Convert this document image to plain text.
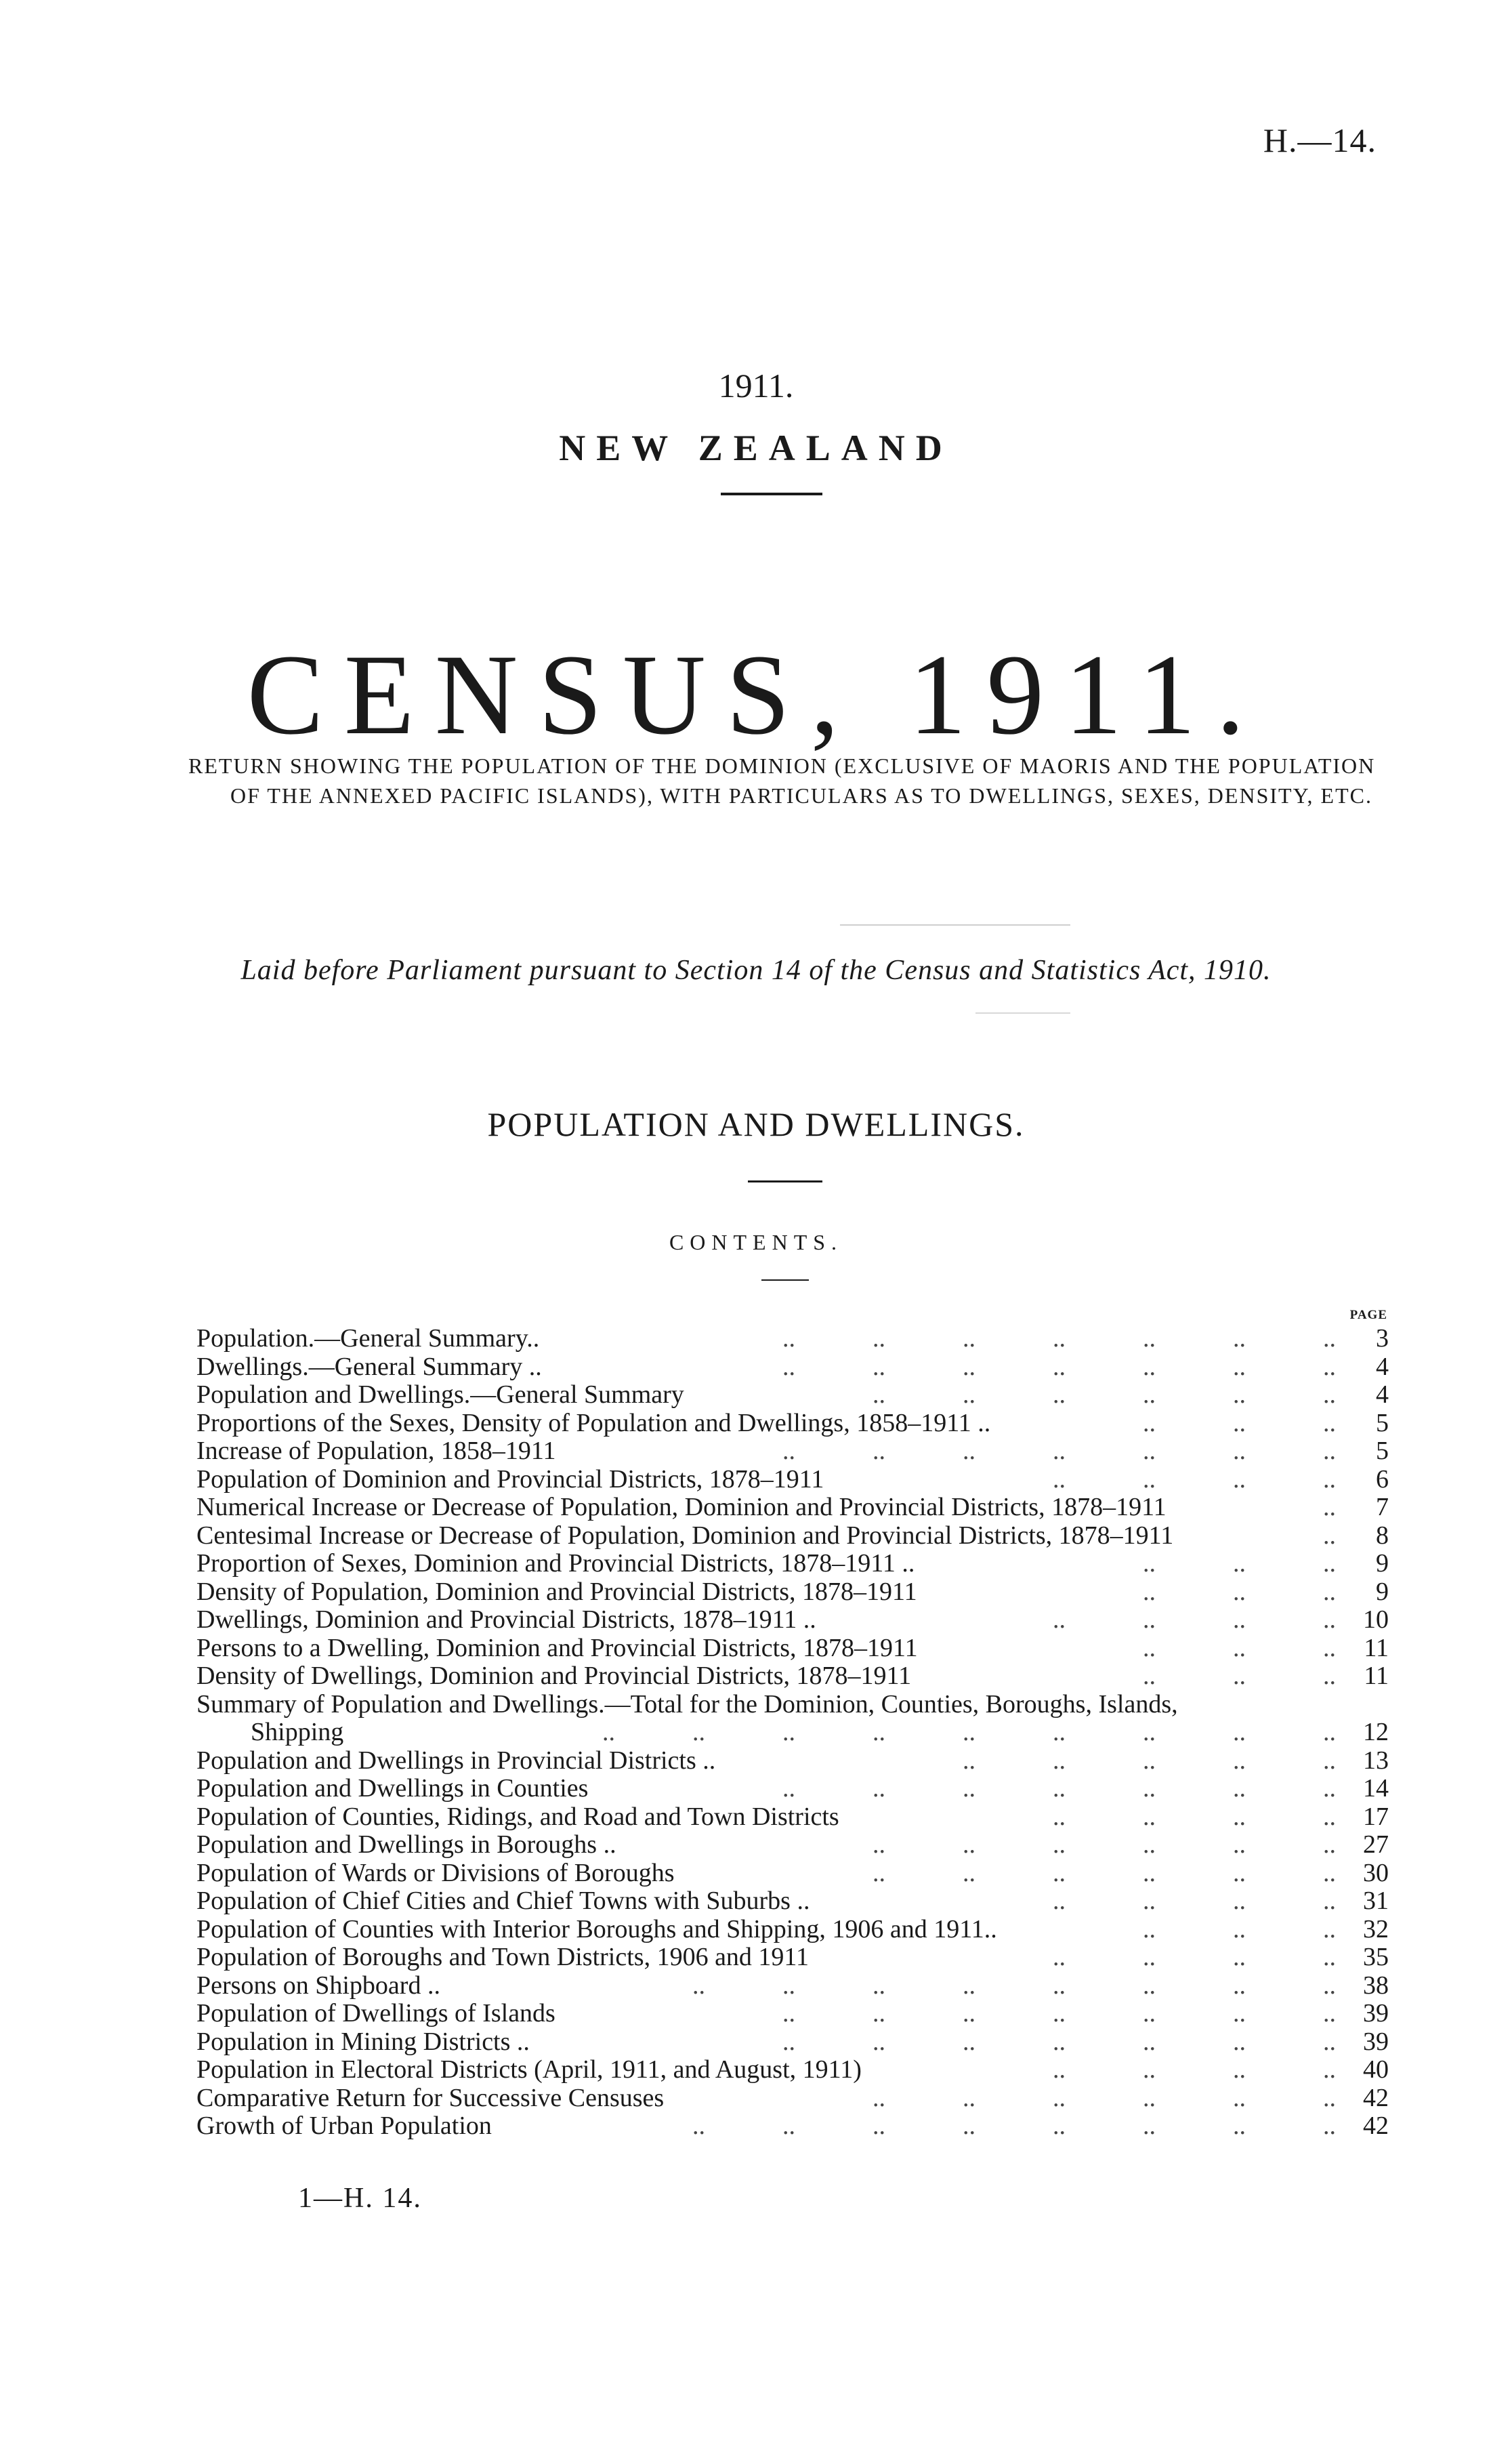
H.—14.
1911.
NEW ZEALAND
CENSUS, 1911.
RETURN SHOWING THE POPULATION OF THE DOMINION (EXCLUSIVE OF MAORIS AND THE POPULATION OF THE ANNEXED PACIFIC ISLANDS), WITH PARTICULARS AS TO DWELLINGS, SEXES, DENSITY, ETC.
Laid before Parliament pursuant to Section 14 of the Census and Statistics Act, 1910.
POPULATION AND DWELLINGS.
CONTENTS.
PAGE
Population.—General Summary..	..   ..   ..   ..   ..   ..   ..	3
Dwellings.—General Summary ..	..   ..   ..   ..   ..   ..   ..	4
Population and Dwellings.—General Summary	..   ..   ..   ..   ..   ..	4
Proportions of the Sexes, Density of Population and Dwellings, 1858–1911 ..	..   ..   ..	5
Increase of Population, 1858–1911	..   ..   ..   ..   ..   ..   ..	5
Population of Dominion and Provincial Districts, 1878–1911	..   ..   ..   ..	6
Numerical Increase or Decrease of Population, Dominion and Provincial Districts, 1878–1911	..	7
Centesimal Increase or Decrease of Population, Dominion and Provincial Districts, 1878–1911	..	8
Proportion of Sexes, Dominion and Provincial Districts, 1878–1911 ..	..   ..   ..	9
Density of Population, Dominion and Provincial Districts, 1878–1911	..   ..   ..	9
Dwellings, Dominion and Provincial Districts, 1878–1911 ..	..   ..   ..   ..	10
Persons to a Dwelling, Dominion and Provincial Districts, 1878–1911	..   ..   ..	11
Density of Dwellings, Dominion and Provincial Districts, 1878–1911	..   ..   ..	11
Summary of Population and Dwellings.—Total for the Dominion, Counties, Boroughs, Islands,
Shipping	..   ..   ..   ..   ..   ..   ..   ..   ..	12
Population and Dwellings in Provincial Districts ..	..   ..   ..   ..   ..	13
Population and Dwellings in Counties	..   ..   ..   ..   ..   ..   ..	14
Population of Counties, Ridings, and Road and Town Districts	..   ..   ..   ..	17
Population and Dwellings in Boroughs ..	..   ..   ..   ..   ..   ..	27
Population of Wards or Divisions of Boroughs	..   ..   ..   ..   ..   ..	30
Population of Chief Cities and Chief Towns with Suburbs ..	..   ..   ..   ..	31
Population of Counties with Interior Boroughs and Shipping, 1906 and 1911..	..   ..   ..	32
Population of Boroughs and Town Districts, 1906 and 1911	..   ..   ..   ..	35
Persons on Shipboard ..	..   ..   ..   ..   ..   ..   ..   ..	38
Population of Dwellings of Islands	..   ..   ..   ..   ..   ..   ..	39
Population in Mining Districts ..	..   ..   ..   ..   ..   ..   ..	39
Population in Electoral Districts (April, 1911, and August, 1911)	..   ..   ..   ..	40
Comparative Return for Successive Censuses	..   ..   ..   ..   ..   ..	42
Growth of Urban Population	..   ..   ..   ..   ..   ..   ..   ..	42
1—H. 14.
